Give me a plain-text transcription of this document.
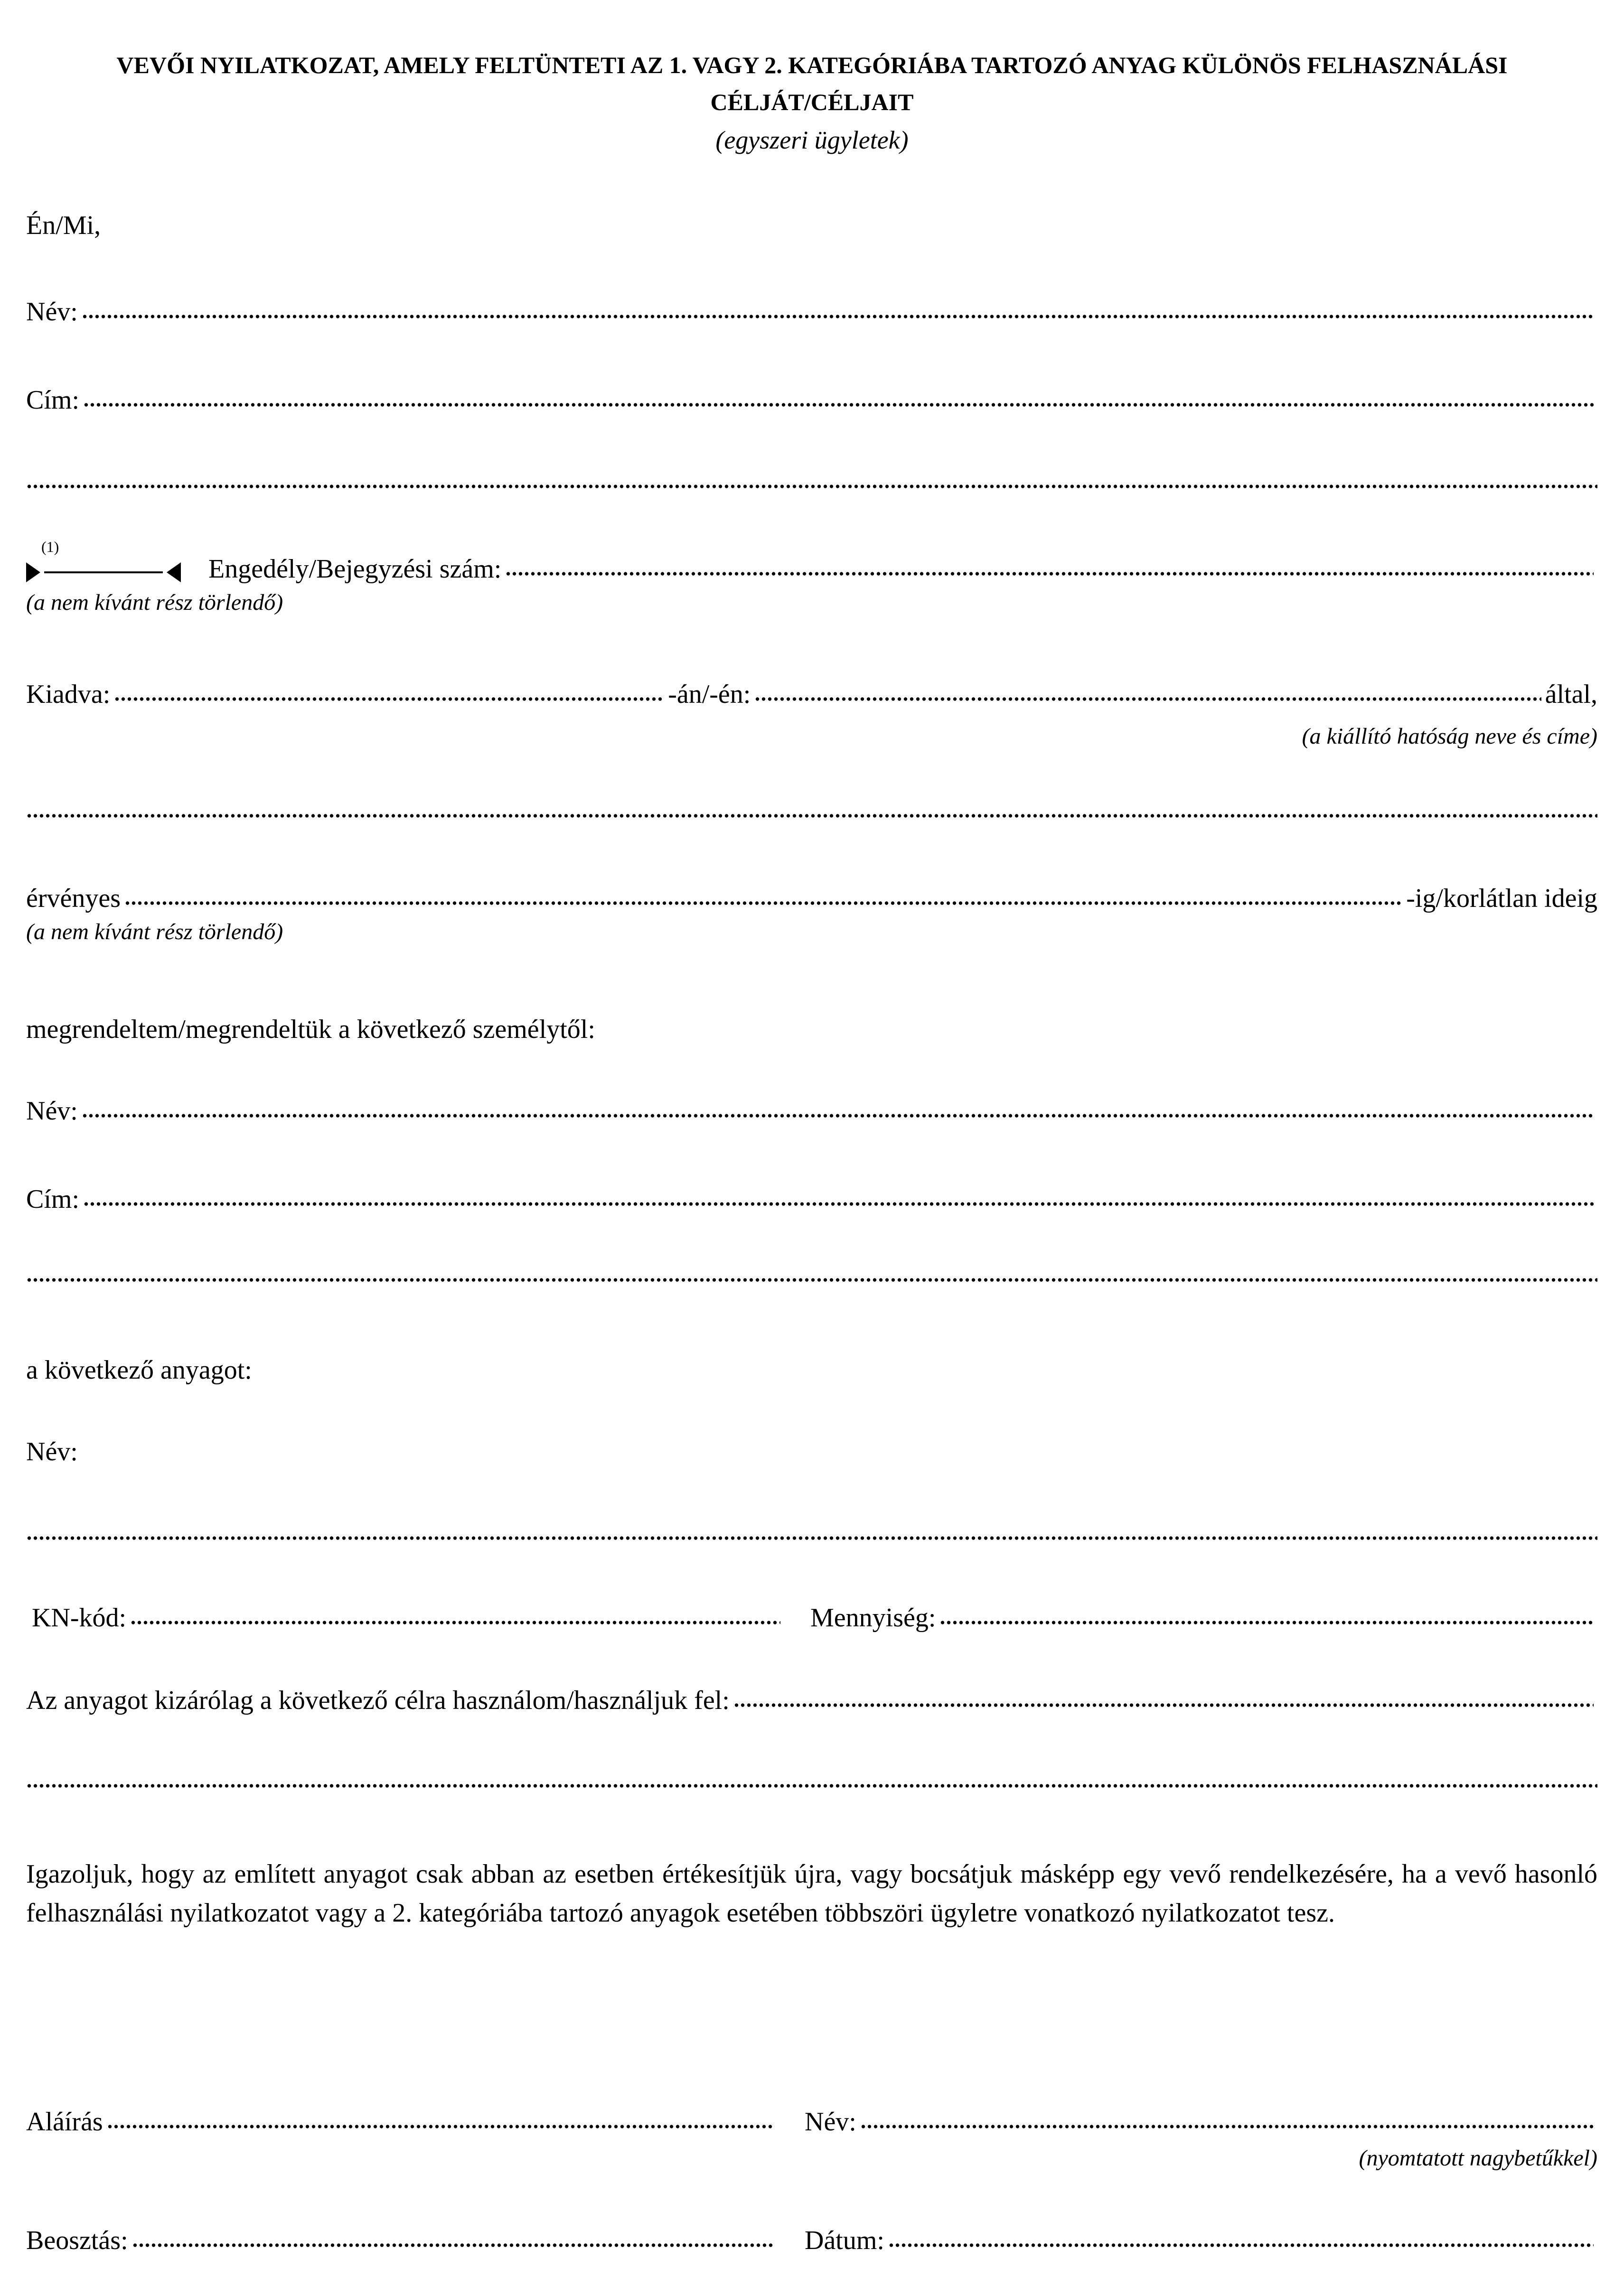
VEVŐI NYILATKOZAT, AMELY FELTÜNTETI AZ 1. VAGY 2. KATEGÓRIÁBA TARTOZÓ ANYAG KÜLÖNÖS FELHASZNÁLÁSI
CÉLJÁT/CÉLJAIT
(egyszeri ügyletek)
Én/Mi,
Név:
Cím:
(1)
Engedély/Bejegyzési szám:
(a nem kívánt rész törlendő)
Kiadva:	-án/-én:	által,
(a kiállító hatóság neve és címe)
érvényes	-ig/korlátlan ideig
(a nem kívánt rész törlendő)
megrendeltem/megrendeltük a következő személytől:
Név:
Cím:
a következő anyagot:
Név:
KN-kód:	Mennyiség:
Az anyagot kizárólag a következő célra használom/használjuk fel:
Igazoljuk, hogy az említett anyagot csak abban az esetben értékesítjük újra, vagy bocsátjuk másképp egy vevő rendelkezésére, ha a vevő hasonló felhasználási nyilatkozatot vagy a 2. kategóriába tartozó anyagok esetében többszöri ügyletre vonatkozó nyilatkozatot tesz.
Aláírás	Név:
(nyomtatott nagybetűkkel)
Beosztás:	Dátum:
